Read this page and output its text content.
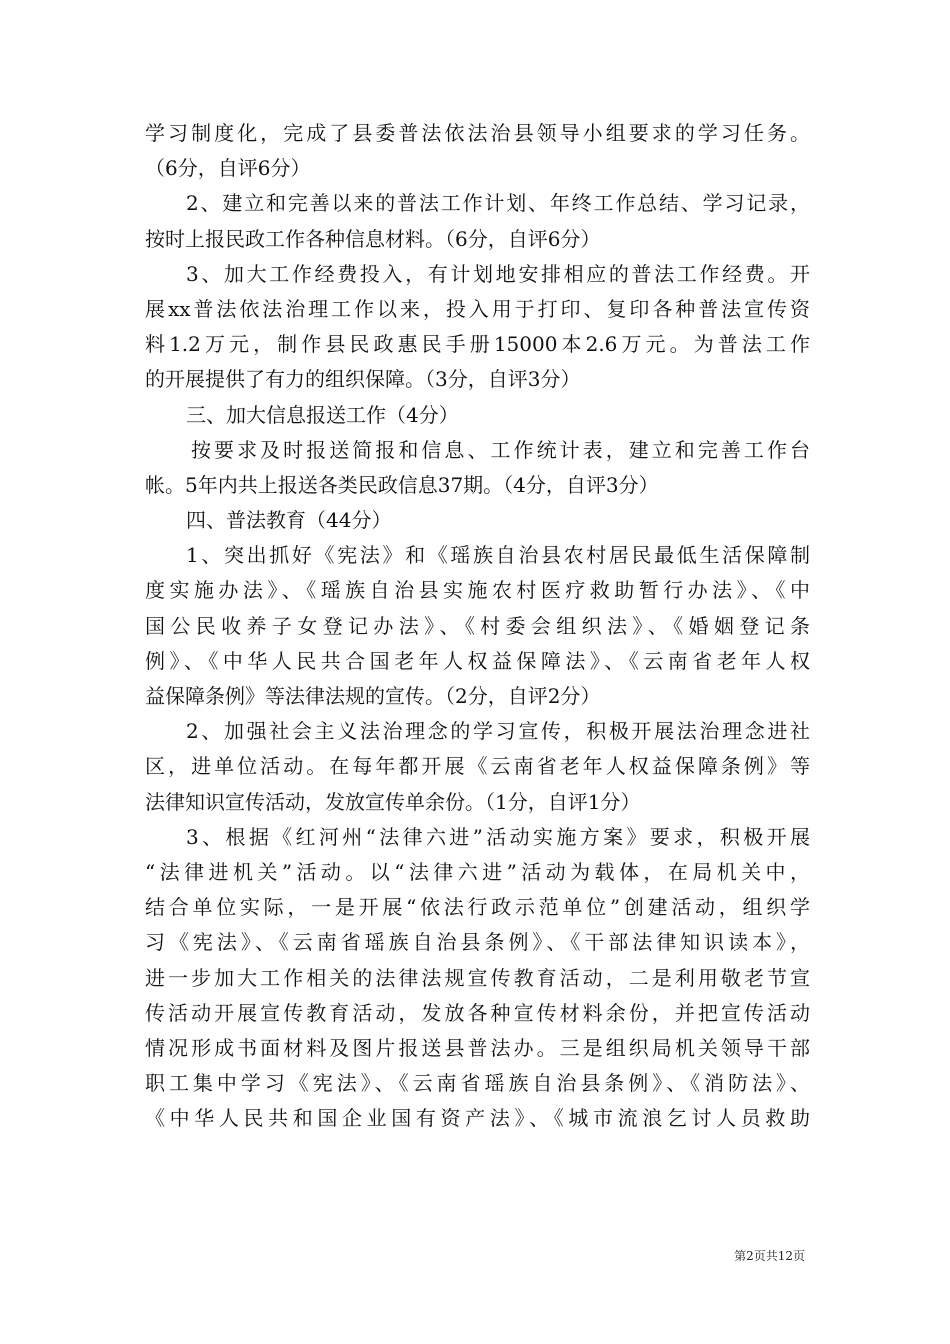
学习制度化，完成了县委普法依法治县领导小组要求的学习任务。
（6分，自评6分）
2、建立和完善以来的普法工作计划、年终工作总结、学习记录，
按时上报民政工作各种信息材料。（6分，自评6分）
3、加大工作经费投入，有计划地安排相应的普法工作经费。开
展xx普法依法治理工作以来，投入用于打印、复印各种普法宣传资
料1.2万元，制作县民政惠民手册15000本2.6万元。为普法工作
的开展提供了有力的组织保障。（3分，自评3分）
三、加大信息报送工作（4分）
按要求及时报送简报和信息、工作统计表，建立和完善工作台
帐。5年内共上报送各类民政信息37期。（4分，自评3分）
四、普法教育（44分）
1、突出抓好《宪法》和《瑶族自治县农村居民最低生活保障制
度实施办法》、《瑶族自治县实施农村医疗救助暂行办法》、《中
国公民收养子女登记办法》、《村委会组织法》、《婚姻登记条
例》、《中华人民共合国老年人权益保障法》、《云南省老年人权
益保障条例》等法律法规的宣传。（2分，自评2分）
2、加强社会主义法治理念的学习宣传，积极开展法治理念进社
区，进单位活动。在每年都开展《云南省老年人权益保障条例》等
法律知识宣传活动，发放宣传单余份。（1分，自评1分）
3、根据《红河州“法律六进”活动实施方案》要求，积极开展
“法律进机关”活动。以“法律六进”活动为载体，在局机关中，
结合单位实际，一是开展“依法行政示范单位”创建活动，组织学
习《宪法》、《云南省瑶族自治县条例》、《干部法律知识读本》，
进一步加大工作相关的法律法规宣传教育活动，二是利用敬老节宣
传活动开展宣传教育活动，发放各种宣传材料余份，并把宣传活动
情况形成书面材料及图片报送县普法办。三是组织局机关领导干部
职工集中学习《宪法》、《云南省瑶族自治县条例》、《消防法》、
《中华人民共和国企业国有资产法》、《城市流浪乞讨人员救助
第2页共12页
